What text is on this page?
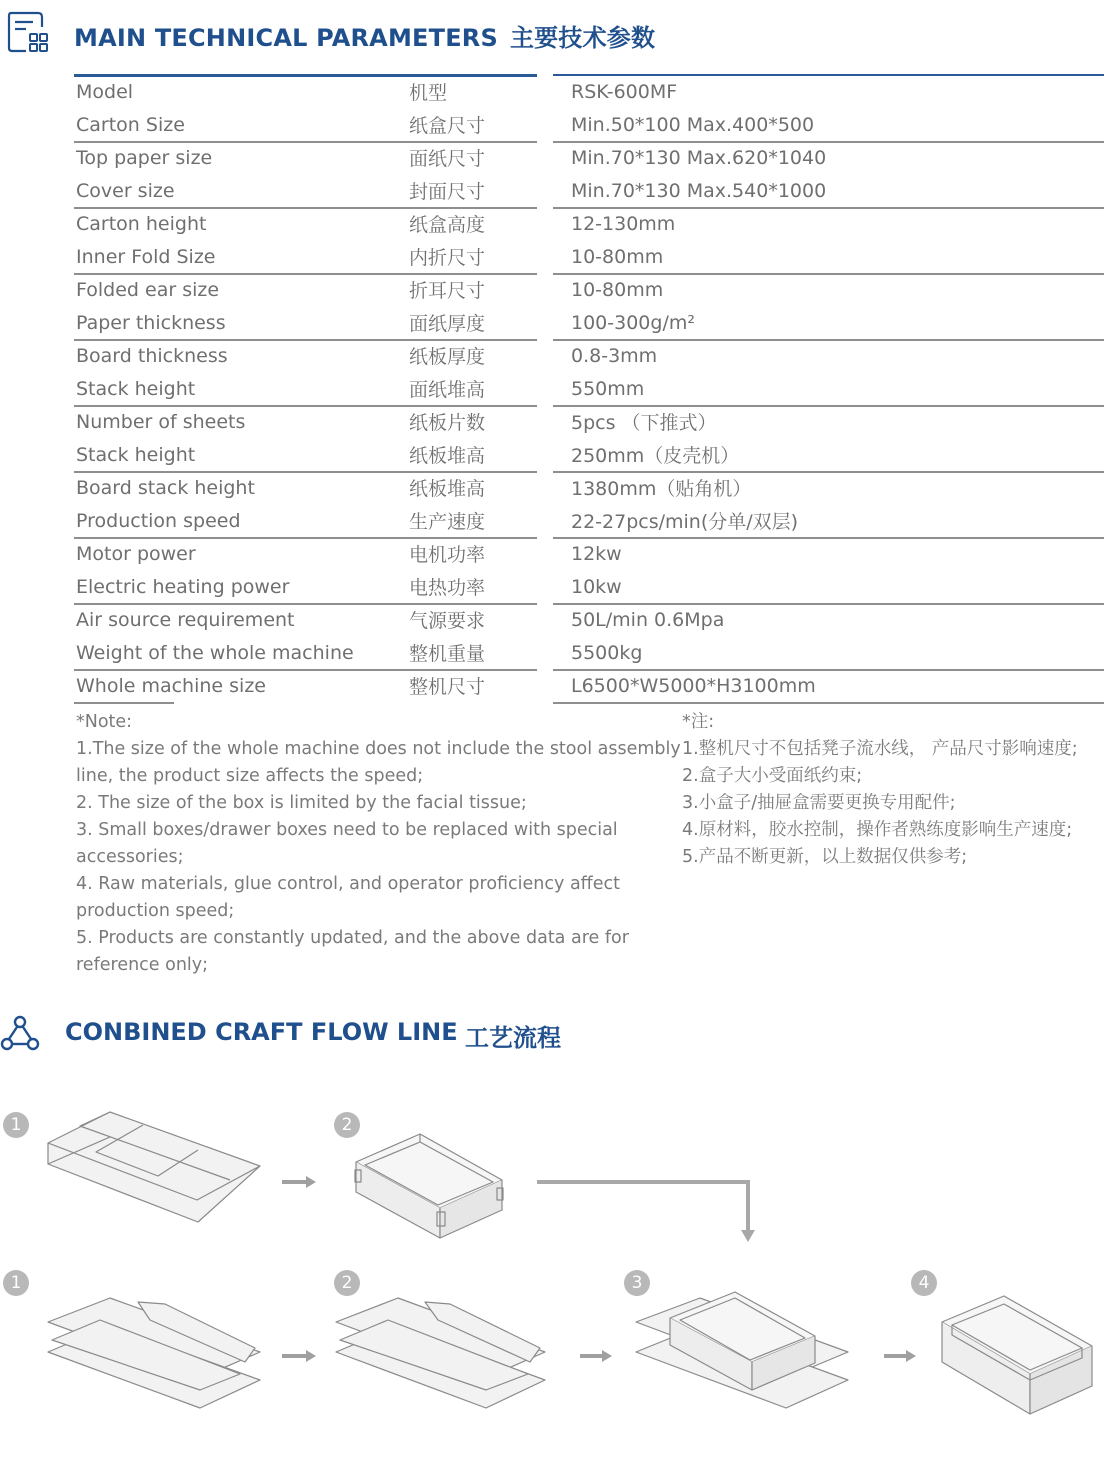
MAIN TECHNICAL PARAMETERS 主要技术参数
Model	机型	RSK-600MF
Carton Size	纸盒尺寸	Min.50*100 Max.400*500
Top paper size	面纸尺寸	Min.70*130 Max.620*1040
Cover size	封面尺寸	Min.70*130 Max.540*1000
Carton height	纸盒高度	12-130mm
Inner Fold Size	内折尺寸	10-80mm
Folded ear size	折耳尺寸	10-80mm
Paper thickness	面纸厚度	100-300g/m²
Board thickness	纸板厚度	0.8-3mm
Stack height	面纸堆高	550mm
Number of sheets	纸板片数	5pcs （下推式）
Stack height	纸板堆高	250mm（皮壳机）
Board stack height	纸板堆高	1380mm（贴角机）
Production speed	生产速度	22-27pcs/min(分单/双层)
Motor power	电机功率	12kw
Electric heating power	电热功率	10kw
Air source requirement	气源要求	50L/min 0.6Mpa
Weight of the whole machine	整机重量	5500kg
Whole machine size	整机尺寸	L6500*W5000*H3100mm
*Note:
1.The size of the whole machine does not include the stool assembly
line, the product size affects the speed;
2. The size of the box is limited by the facial tissue;
3. Small boxes/drawer boxes need to be replaced with special
accessories;
4. Raw materials, glue control, and operator proficiency affect
production speed;
5. Products are constantly updated, and the above data are for
reference only;
*注:
1.整机尺寸不包括凳子流水线， 产品尺寸影响速度;
2.盒子大小受面纸约束;
3.小盒子/抽屉盒需要更换专用配件;
4.原材料，胶水控制，操作者熟练度影响生产速度;
5.产品不断更新，以上数据仅供参考;
CONBINED CRAFT FLOW LINE 工艺流程
1	2
1	2	3	4
